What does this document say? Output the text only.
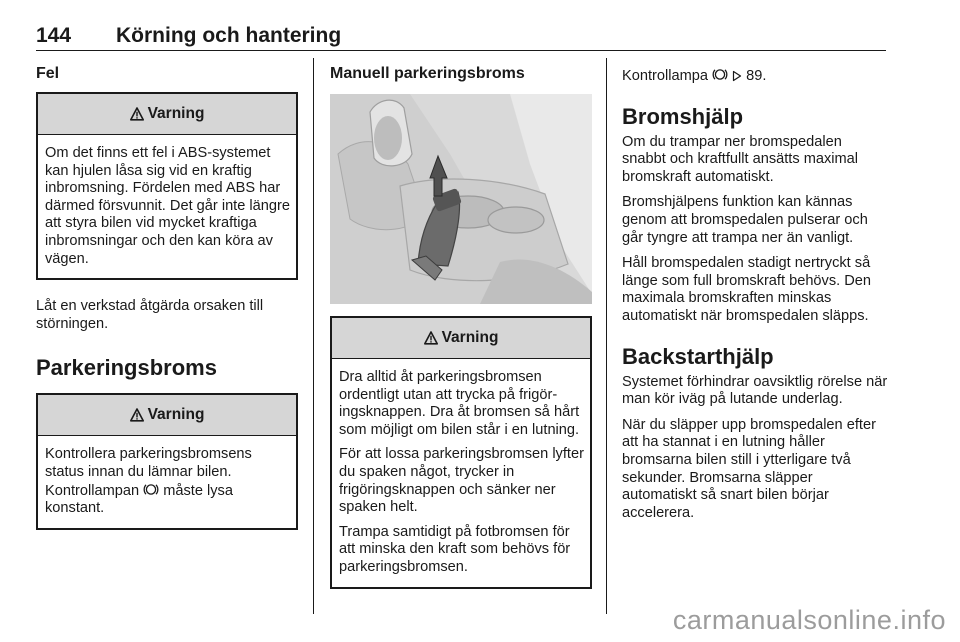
144 Körning och hantering
Fel
Varning

Om det finns ett fel i ABS-systemet kan hjulen låsa sig vid en kraftig inbromsning. Fördelen med ABS har därmed försvunnit. Det går inte längre att styra bilen vid mycket kraftiga inbromsningar och den kan köra av vägen.

Låt en verkstad åtgärda orsaken till störningen.

Parkeringsbroms
Varning

Kontrollera parkeringsbromsens status innan du lämnar bilen. Kontrollampan  måste lysa konstant.

Manuell parkeringsbroms
Varning

Dra alltid åt parkeringsbromsen ordentligt utan att trycka på frigöringsknappen. Dra åt bromsen så hårt som möjligt om bilen står i en lutning.

För att lossa parkeringsbromsen lyfter du spaken något, trycker in frigöringsknappen och sänker ner spaken helt.

Trampa samtidigt på fotbromsen för att minska den kraft som behövs för parkeringsbromsen.

Kontrollampa   89.

Bromshjälp

Om du trampar ner bromspedalen snabbt och kraftfullt ansätts maximal bromskraft automatiskt.

Bromshjälpens funktion kan kännas genom att bromspedalen pulserar och går tyngre att trampa ner än vanligt.

Håll bromspedalen stadigt nertryckt så länge som full bromskraft behövs. Den maximala bromskraften minskas automatiskt när bromspedalen släpps.

Backstarthjälp

Systemet förhindrar oavsiktlig rörelse när man kör iväg på lutande underlag.

När du släpper upp bromspedalen efter att ha stannat i en lutning håller bromsarna bilen still i ytterligare två sekunder. Bromsarna släpper automatiskt så snart bilen börjar accelerera.

carmanualsonline.info
